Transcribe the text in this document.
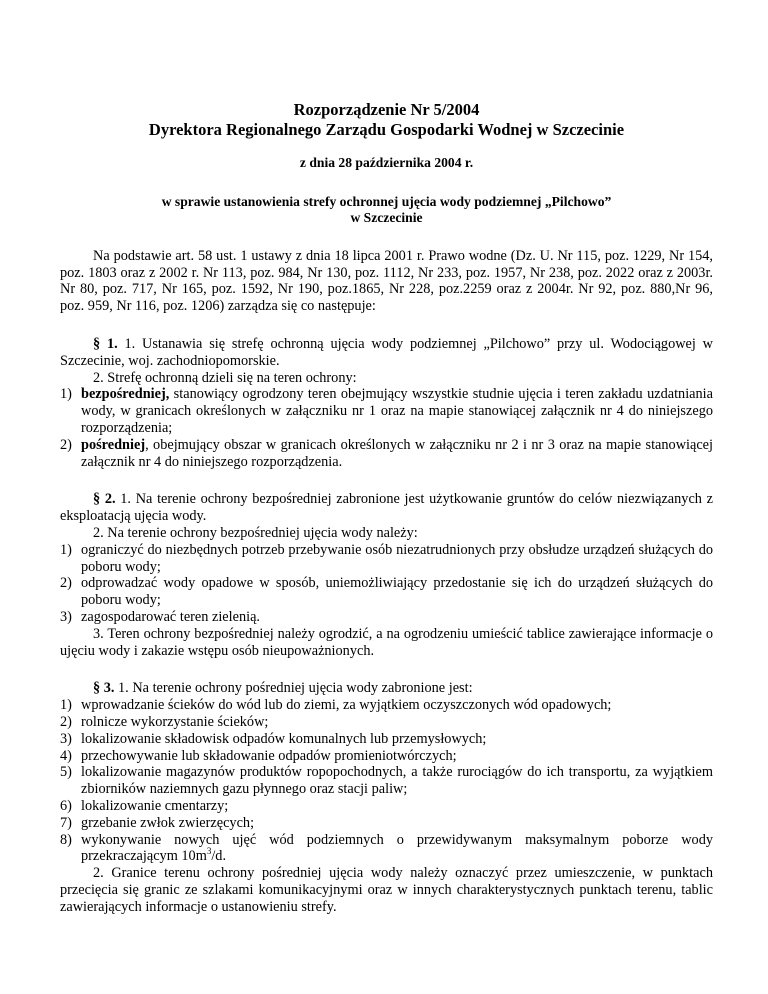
Rozporządzenie Nr 5/2004

Dyrektora Regionalnego Zarządu Gospodarki Wodnej w Szczecinie

z dnia 28 października 2004 r.

w sprawie ustanowienia strefy ochronnej ujęcia wody podziemnej „Pilchowo”
w Szczecinie

Na podstawie art. 58 ust. 1 ustawy z dnia 18 lipca 2001 r. Prawo wodne (Dz. U. Nr 115, poz. 1229, Nr 154, poz. 1803 oraz z 2002 r. Nr 113, poz. 984, Nr 130, poz. 1112, Nr 233, poz. 1957, Nr 238, poz. 2022 oraz z 2003r. Nr 80, poz. 717, Nr 165, poz. 1592, Nr 190, poz.1865, Nr 228, poz.2259 oraz z 2004r. Nr 92, poz. 880,Nr 96, poz. 959, Nr 116, poz. 1206) zarządza się co następuje:

§ 1. 1. Ustanawia się strefę ochronną ujęcia wody podziemnej „Pilchowo” przy ul. Wodociągowej w Szczecinie, woj. zachodniopomorskie.

2. Strefę ochronną dzieli się na teren ochrony:

1) bezpośredniej, stanowiący ogrodzony teren obejmujący wszystkie studnie ujęcia i teren zakładu uzdatniania wody, w granicach określonych w załączniku nr 1 oraz na mapie stanowiącej załącznik nr 4 do niniejszego rozporządzenia;
2) pośredniej, obejmujący obszar w granicach określonych w załączniku nr 2 i nr 3 oraz na mapie stanowiącej załącznik nr 4 do niniejszego rozporządzenia.

§ 2. 1. Na terenie ochrony bezpośredniej zabronione jest użytkowanie gruntów do celów niezwiązanych z eksploatacją ujęcia wody.

2. Na terenie ochrony bezpośredniej ujęcia wody należy:

1) ograniczyć do niezbędnych potrzeb przebywanie osób niezatrudnionych przy obsłudze urządzeń służących do poboru wody;
2) odprowadzać wody opadowe w sposób, uniemożliwiający przedostanie się ich do urządzeń służących do poboru wody;
3) zagospodarować teren zielenią.

3. Teren ochrony bezpośredniej należy ogrodzić, a na ogrodzeniu umieścić tablice zawierające informacje o ujęciu wody i zakazie wstępu osób nieupoważnionych.

§ 3. 1. Na terenie ochrony pośredniej ujęcia wody zabronione jest:

1) wprowadzanie ścieków do wód lub do ziemi, za wyjątkiem oczyszczonych wód opadowych;
2) rolnicze wykorzystanie ścieków;
3) lokalizowanie składowisk odpadów komunalnych lub przemysłowych;
4) przechowywanie lub składowanie odpadów promieniotwórczych;
5) lokalizowanie magazynów produktów ropopochodnych, a także rurociągów do ich transportu, za wyjątkiem zbiorników naziemnych gazu płynnego oraz stacji paliw;
6) lokalizowanie cmentarzy;
7) grzebanie zwłok zwierzęcych;
8) wykonywanie nowych ujęć wód podziemnych o przewidywanym maksymalnym poborze wody przekraczającym $10m^3/d$.

2. Granice terenu ochrony pośredniej ujęcia wody należy oznaczyć przez umieszczenie, w punktach przecięcia się granic ze szlakami komunikacyjnymi oraz w innych charakterystycznych punktach terenu, tablic zawierających informacje o ustanowieniu strefy.
